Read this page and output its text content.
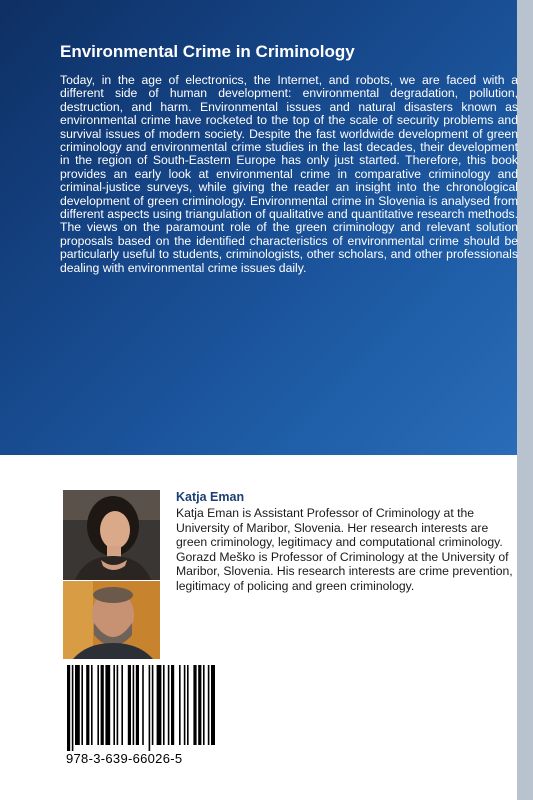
Environmental Crime in Criminology

Today, in the age of electronics, the Internet, and robots, we are faced with a different side of human development: environmental degradation, pollution, destruction, and harm. Environmental issues and natural disasters known as environmental crime have rocketed to the top of the scale of security problems and survival issues of modern society. Despite the fast worldwide development of green criminology and environmental crime studies in the last decades, their development in the region of South-Eastern Europe has only just started. Therefore, this book provides an early look at environmental crime in comparative criminology and criminal-justice surveys, while giving the reader an insight into the chronological development of green criminology. Environmental crime in Slovenia is analysed from different aspects using triangulation of qualitative and quantitative research methods. The views on the paramount role of the green criminology and relevant solution proposals based on the identified characteristics of environmental crime should be particularly useful to students, criminologists, other scholars, and other professionals dealing with environmental crime issues daily.

Katja Eman

Katja Eman is Assistant Professor of Criminology at the University of Maribor, Slovenia. Her research interests are green criminology, legitimacy and computational criminology. Gorazd Meško is Professor of Criminology at the University of Maribor, Slovenia. His research interests are crime prevention, legitimacy of policing and green criminology.

978-3-639-66026-5
